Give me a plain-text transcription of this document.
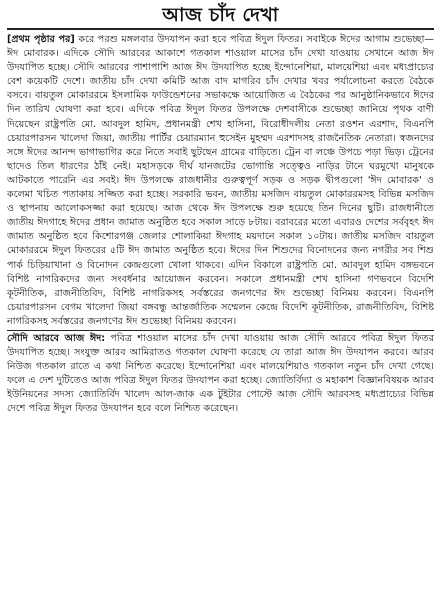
আজ চাঁদ দেখা

[প্রথম পৃষ্ঠার পর] করে পরশু মঙ্গলবার উদযাপন করা হবে পবিত্র ঈদুল ফিতর। সবাইকে ঈদের আগাম শুভেচ্ছা— ঈদ মোবারক। এদিকে সৌদি আরবের আকাশে গতকাল শাওয়াল মাসের চাঁদ দেখা যাওয়ায় সেখানে আজ ঈদ উদযাপিত হচ্ছে। সৌদি আরবের পাশাপাশি আজ ঈদ উদযাপিত হচ্ছে ইন্দোনেশিয়া, মালয়েশিয়া এবং মধ্যপ্রাচ্যের বেশ কয়েকটি দেশে। জাতীয় চাঁদ দেখা কমিটি আজ বাদ মাগরিব চাঁদ দেখার খবর পর্যালোচনা করতে বৈঠকে বসবে। বায়তুল মোকাররমে ইসলামিক ফাউন্ডেশনের সভাকক্ষে আয়োজিত এ বৈঠকের পর আনুষ্ঠানিকভাবে ঈদের দিন তারিখ ঘোষণা করা হবে। এদিকে পবিত্র ঈদুল ফিতর উপলক্ষে দেশবাসীকে শুভেচ্ছা জানিয়ে পৃথক বাণী দিয়েছেন রাষ্ট্রপতি মো. আবদুল হামিদ, প্রধানমন্ত্রী শেখ হাসিনা, বিরোধীদলীয় নেতা রওশন এরশাদ, বিএনপি চেয়ারপারসন খালেদা জিয়া, জাতীয় পার্টির চেয়ারম্যান হুসেইন মুহম্মদ এরশাদসহ রাজনৈতিক নেতারা। স্বজনদের সঙ্গে ঈদের আনন্দ ভাগাভাগির করে নিতে সবাই ছুটছেন গ্রামের বাড়িতে। ট্রেন বা লঞ্চে উপচে পড়া ভিড়। ট্রেনের ছাদেও তিল ধারণের ঠাঁই নেই। মহাসড়কে দীর্ঘ যানজটের ভোগান্তি সত্ত্বেও নাড়ির টানে ঘরমুখো মানুষকে আটকাতে পারেনি এর সবই। ঈদ উপলক্ষে রাজধানীর গুরুত্বপূর্ণ সড়ক ও সড়ক দ্বীপগুলো 'ঈদ মোবারক' ও কলেমা খচিত পতাকায় সজ্জিত করা হচ্ছে। সরকারি ভবন, জাতীয় মসজিদ বায়তুল মোকাররমসহ বিভিন্ন মসজিদ ও স্থাপনায় আলোকসজ্জা করা হয়েছে। আজ থেকে ঈদ উপলক্ষে শুরু হয়েছে তিন দিনের ছুটি। রাজধানীতে জাতীয় ঈদগাহে ঈদের প্রধান জামাত অনুষ্ঠিত হবে সকাল সাড়ে ৮টায়। বরাবরের মতো এবারও দেশের সর্ববৃহৎ ঈদ জামাত অনুষ্ঠিত হবে কিশোরগঞ্জ জেলার শোলাকিয়া ঈদগাহ ময়দানে সকাল ১০টায়। জাতীয় মসজিদ বায়তুল মোকাররমে ঈদুল ফিতরের ৫টি ঈদ জামাত অনুষ্ঠিত হবে। ঈদের দিন শিশুদের বিনোদনের জন্য নগরীর সব শিশু পার্ক চিড়িয়াখানা ও বিনোদন কেন্দ্রগুলো খোলা থাকবে। এদিন বিকালে রাষ্ট্রপতি মো. আবদুল হামিদ বঙ্গভবনে বিশিষ্ট নাগরিকদের জন্য সংবর্ধনার আয়োজন করবেন। সকালে প্রধানমন্ত্রী শেখ হাসিনা গণভবনে বিদেশি কূটনীতিক, রাজনীতিবিদ, বিশিষ্ট নাগরিকসহ সর্বস্তরের জনগণের ঈদ শুভেচ্ছা বিনিময় করবেন। বিএনপি চেয়ারপারসন বেগম খালেদা জিয়া বঙ্গবন্ধু আন্তর্জাতিক সম্মেলন কেন্দ্রে বিদেশি কূটনীতিক, রাজনীতিবিদ, বিশিষ্ট নাগরিকসহ সর্বস্তরের জনগণের ঈদ শুভেচ্ছা বিনিময় করবেন।

সৌদি আরবে আজ ঈদ: পবিত্র শাওয়াল মাসের চাঁদ দেখা যাওয়ায় আজ সৌদি আরবে পবিত্র ঈদুল ফিতর উদযাপিত হচ্ছে। সংযুক্ত আরব আমিরাতও গতকাল ঘোষণা করেছে যে তারা আজ ঈদ উদযাপন করবে। আরব নিউজ গতকাল রাতে এ কথা নিশ্চিত করেছে। ইন্দোনেশিয়া এবং মালয়েশিয়াও গতকাল নতুন চাঁদ দেখা গেছে। ফলে এ দেশ দুটিতেও আজ পবিত্র ঈদুল ফিতর উদযাপন করা হচ্ছে। জ্যোতির্বিদ্যা ও মহাকাশ বিজ্ঞানবিষয়ক আরব ইউনিয়নের সদস্য জ্যোতির্বিদ খালেদ আল-জাক এক টুইটার পোস্টে আজ সৌদি আরবসহ মধ্যপ্রাচ্যের বিভিন্ন দেশে পবিত্র ঈদুল ফিতর উদযাপন হবে বলে নিশ্চিত করেছেন।
